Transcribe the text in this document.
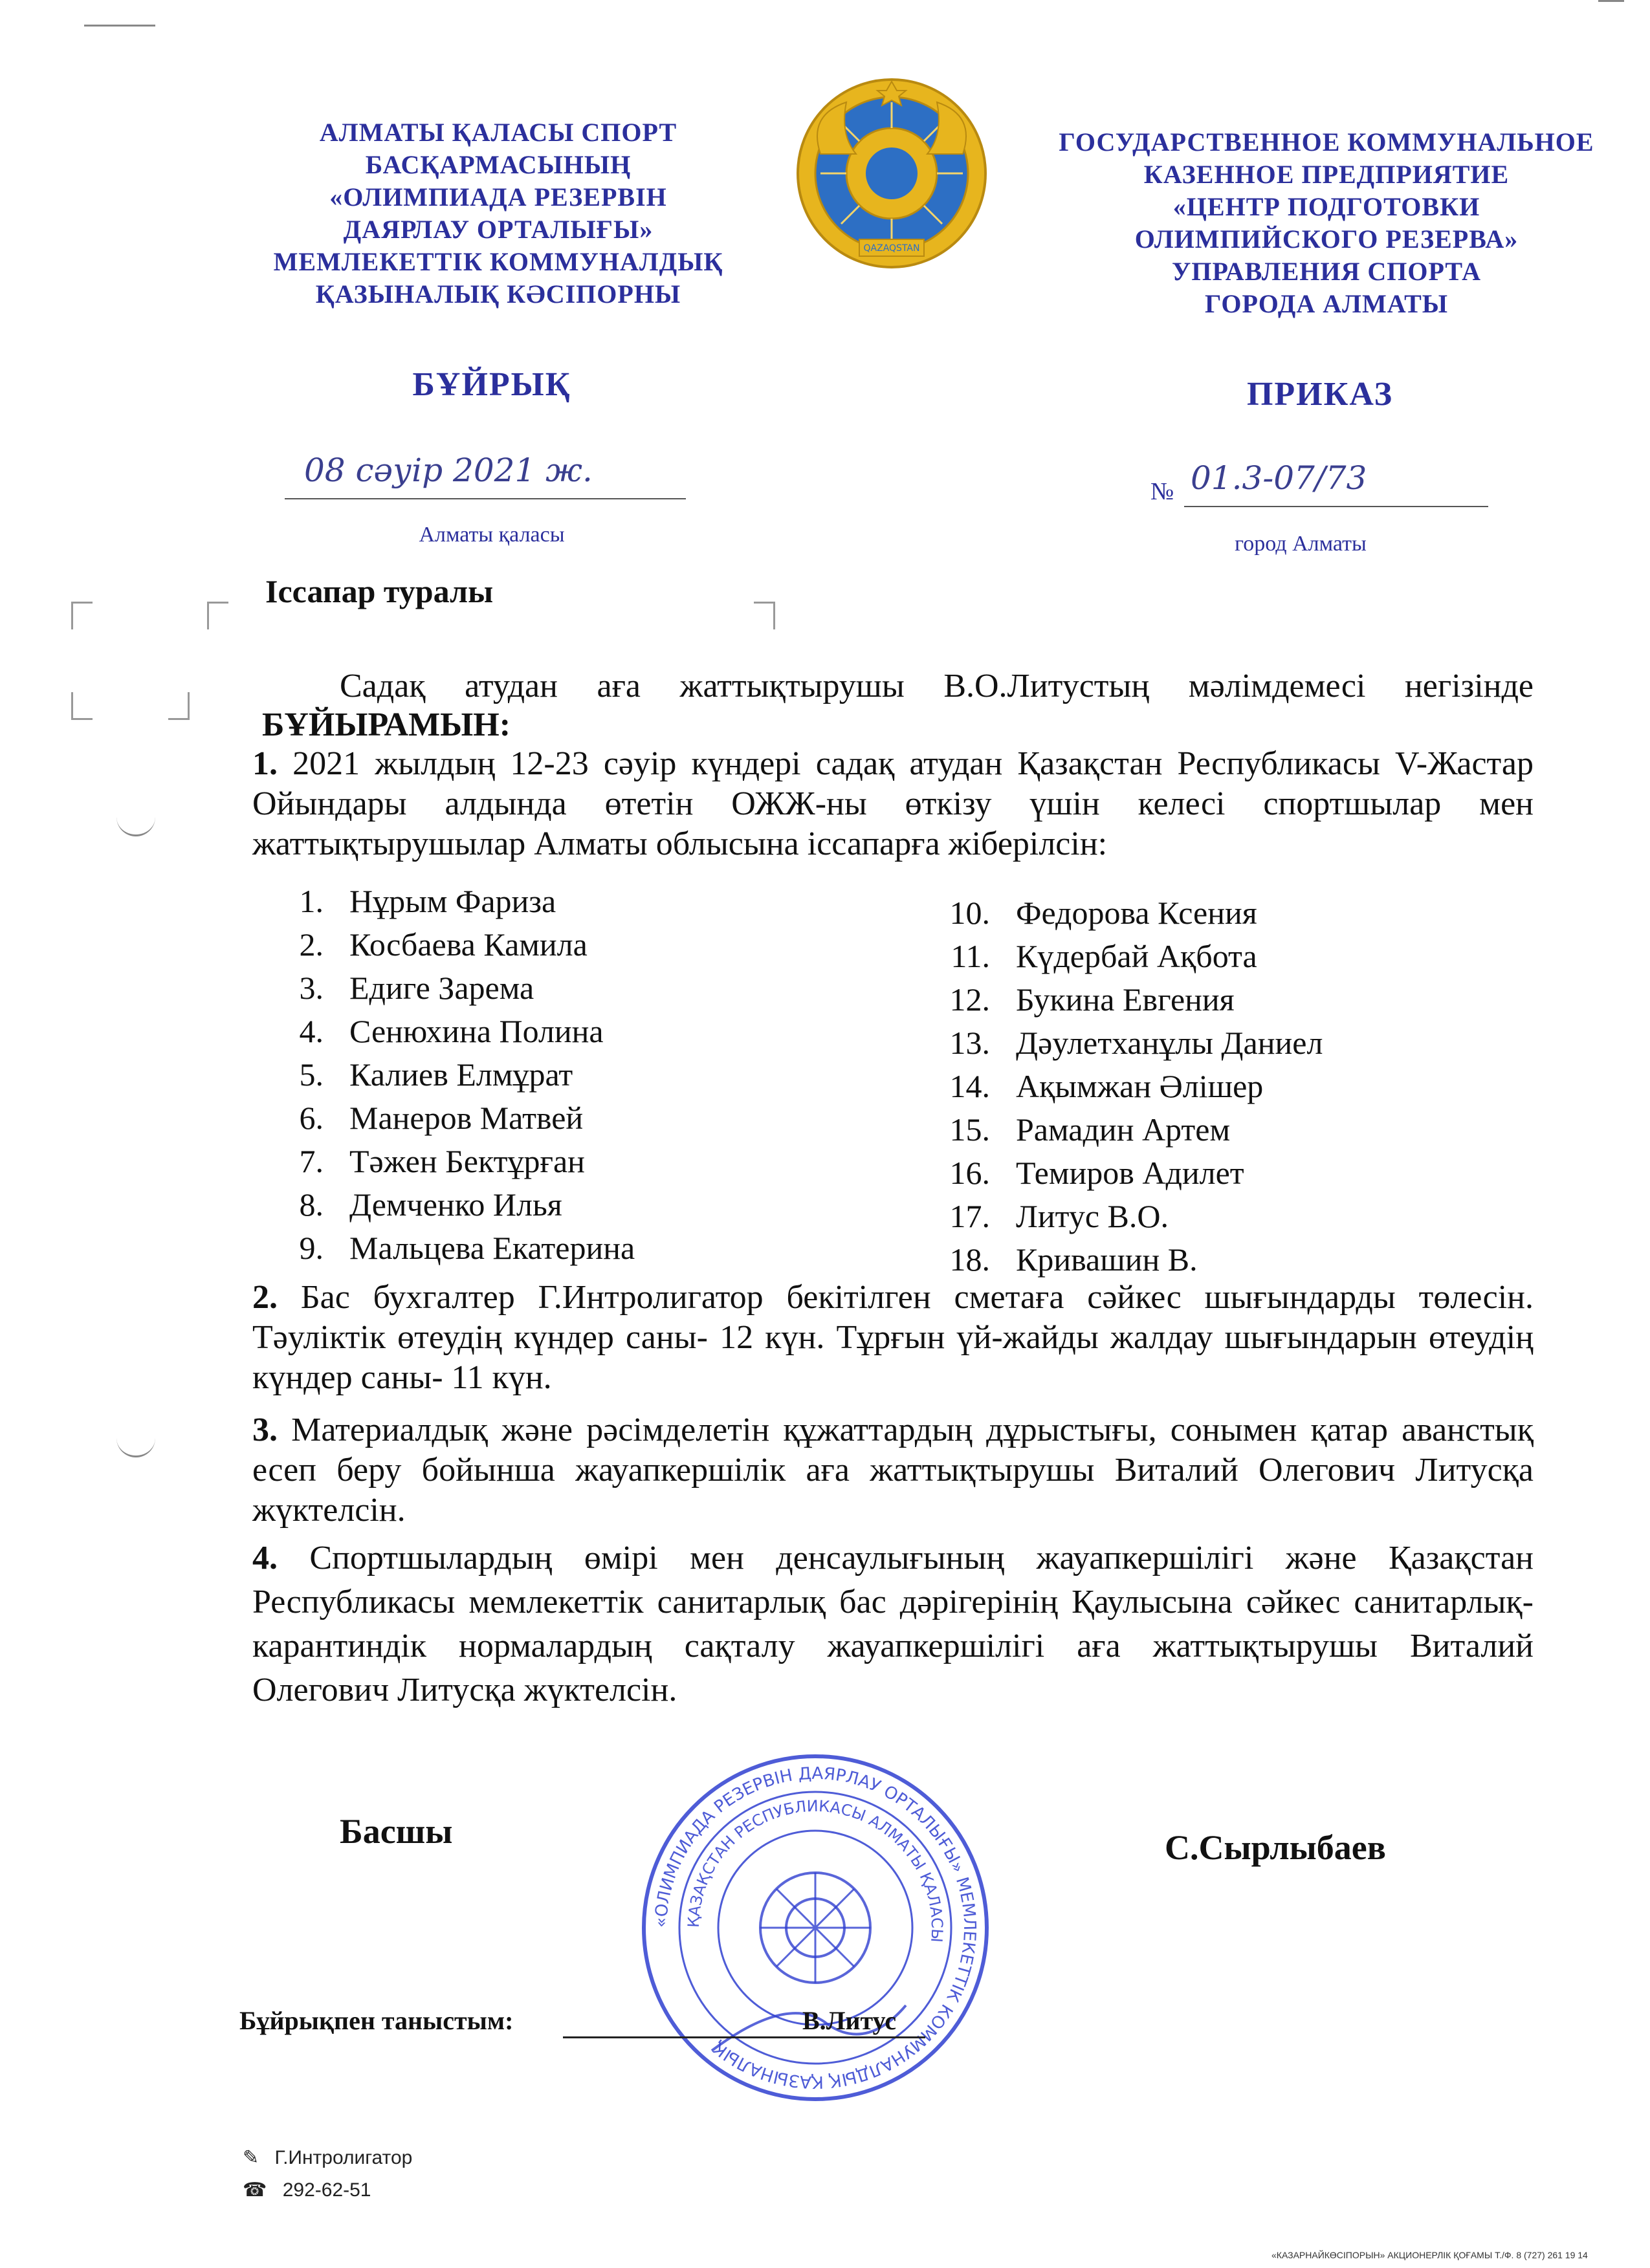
АЛМАТЫ ҚАЛАСЫ СПОРТ
БАСҚАРМАСЫНЫҢ
«ОЛИМПИАДА РЕЗЕРВІН
ДАЯРЛАУ ОРТАЛЫҒЫ»
МЕМЛЕКЕТТІК КОММУНАЛДЫҚ
ҚАЗЫНАЛЫҚ КӘСІПОРНЫ
QAZAQSTAN
ГОСУДАРСТВЕННОЕ КОММУНАЛЬНОЕ
КАЗЕННОЕ ПРЕДПРИЯТИЕ
«ЦЕНТР ПОДГОТОВКИ
ОЛИМПИЙСКОГО РЕЗЕРВА»
УПРАВЛЕНИЯ СПОРТА
ГОРОДА АЛМАТЫ
БҰЙРЫҚ	ПРИКАЗ
08 сәуір 2021 ж.
Алматы қаласы
№ 01.3-07/73
город Алматы
Іссапар туралы
Садақ атудан аға жаттықтырушы В.О.Литустың мәлімдемесі негізінде
БҰЙЫРАМЫН:
1. 2021 жылдың 12-23 сәуір күндері садақ атудан Қазақстан Республикасы V-Жастар Ойындары алдында өтетін ОЖЖ-ны өткізу үшін келесі спортшылар мен жаттықтырушылар Алматы облысына іссапарға жіберілсін:
1. Нұрым Фариза
2. Косбаева Камила
3. Едиге Зарема
4. Сенюхина Полина
5. Калиев Елмұрат
6. Манеров Матвей
7. Тәжен Бектұрған
8. Демченко Илья
9. Мальцева Екатерина
10. Федорова Ксения
11. Күдербай Ақбота
12. Букина Евгения
13. Дәулетханұлы Даниел
14. Ақымжан Әлішер
15. Рамадин Артем
16. Темиров Адилет
17. Литус В.О.
18. Кривашин В.
2. Бас бухгалтер Г.Интролигатор бекітілген сметаға сәйкес шығындарды төлесін. Тәуліктік өтеудің күндер саны- 12 күн. Тұрғын үй-жайды жалдау шығындарын өтеудің күндер саны- 11 күн.
3. Материалдық және рәсімделетін құжаттардың дұрыстығы, сонымен қатар аванстық есеп беру бойынша жауапкершілік аға жаттықтырушы Виталий Олегович Литусқа жүктелсін.
4. Спортшылардың өмірі мен денсаулығының жауапкершілігі және Қазақстан Республикасы мемлекеттік санитарлық бас дәрігерінің Қаулысына сәйкес санитарлық-карантиндік нормалардың сақталу жауапкершілігі аға жаттықтырушы Виталий Олегович Литусқа жүктелсін.
Басшы	С.Сырлыбаев
«ОЛИМПИАДА РЕЗЕРВІН ДАЯРЛАУ ОРТАЛЫҒЫ» МЕМЛЕКЕТТІК КОММУНАЛДЫҚ ҚАЗЫНАЛЫҚ
ҚАЗАҚСТАН РЕСПУБЛИКАСЫ АЛМАТЫ ҚАЛАСЫ
Бұйрықпен таныстым:	В.Литус
✎ Г.Интролигатор
☎ 292-62-51
«КАЗАРНАЙКӨСІПОРЫН» АКЦИОНЕРЛІК ҚОҒАМЫ Т./Ф. 8 (727) 261 19 14
